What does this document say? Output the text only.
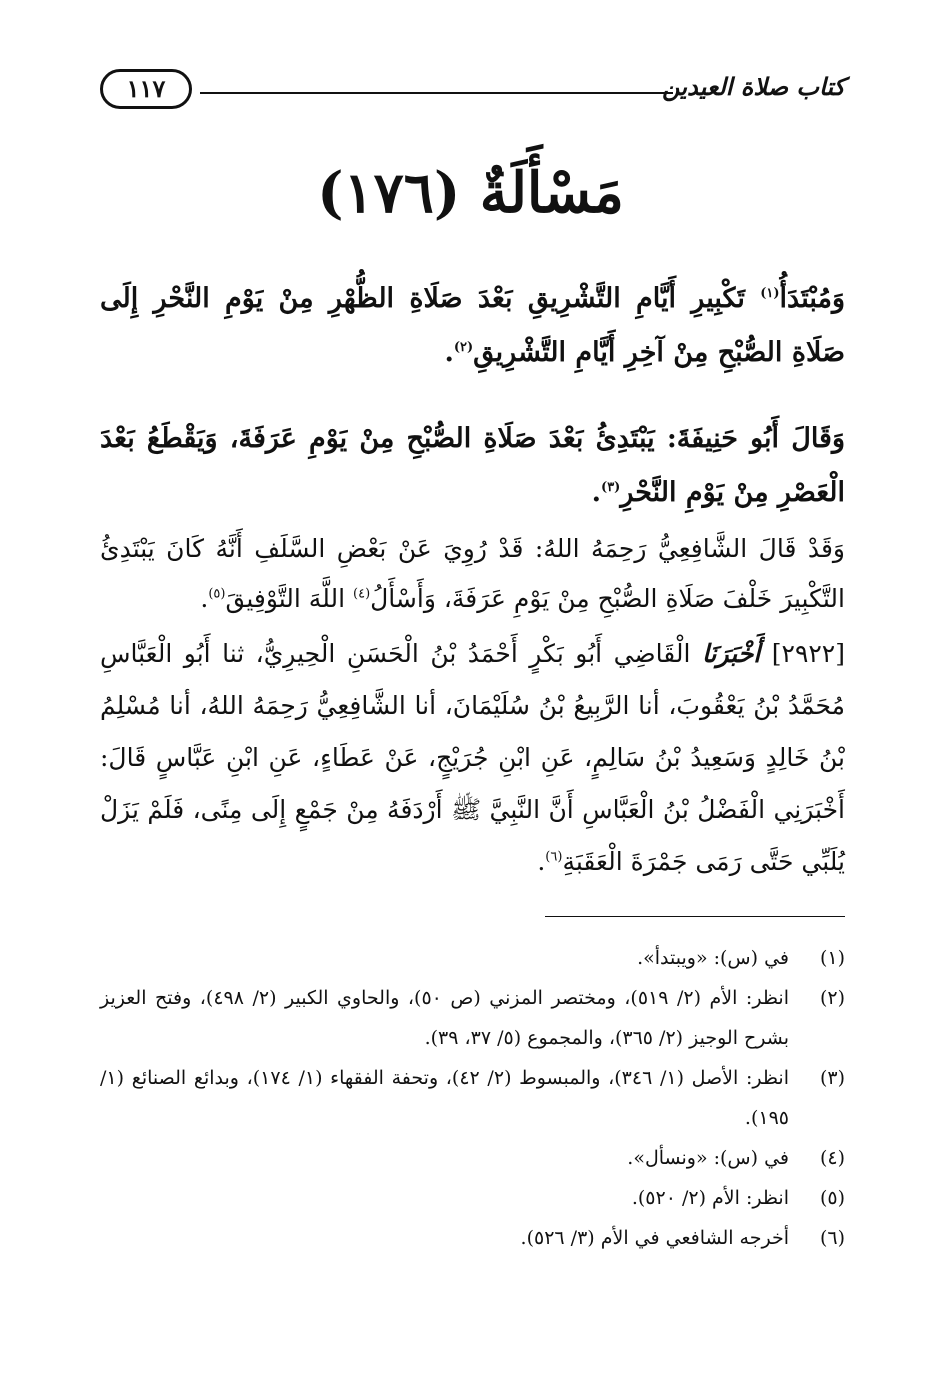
كتاب صلاة العيدين
١١٧
مَسْأَلَةٌ (١٧٦)

وَمُبْتَدَأُ$^{(١)}$ تَكْبِيرِ أَيَّامِ التَّشْرِيقِ بَعْدَ صَلَاةِ الظُّهْرِ مِنْ يَوْمِ النَّحْرِ إِلَى صَلَاةِ الصُّبْحِ مِنْ آخِرِ أَيَّامِ التَّشْرِيقِ$^{(٢)}$.

وَقَالَ أَبُو حَنِيفَةَ: يَبْتَدِئُ بَعْدَ صَلَاةِ الصُّبْحِ مِنْ يَوْمِ عَرَفَةَ، وَيَقْطَعُ بَعْدَ الْعَصْرِ مِنْ يَوْمِ النَّحْرِ$^{(٣)}$.

وَقَدْ قَالَ الشَّافِعِيُّ رَحِمَهُ اللهُ: قَدْ رُوِيَ عَنْ بَعْضِ السَّلَفِ أَنَّهُ كَانَ يَبْتَدِئُ التَّكْبِيرَ خَلْفَ صَلَاةِ الصُّبْحِ مِنْ يَوْمِ عَرَفَةَ، وَأَسْأَلُ$^{(٤)}$ اللَّهَ التَّوْفِيقَ$^{(٥)}$.

[٢٩٢٢] أَخْبَرَنَا الْقَاضِي أَبُو بَكْرٍ أَحْمَدُ بْنُ الْحَسَنِ الْحِيرِيُّ، ثنا أَبُو الْعَبَّاسِ مُحَمَّدُ بْنُ يَعْقُوبَ، أنا الرَّبِيعُ بْنُ سُلَيْمَانَ، أنا الشَّافِعِيُّ رَحِمَهُ اللهُ، أنا مُسْلِمُ بْنُ خَالِدٍ وَسَعِيدُ بْنُ سَالِمٍ، عَنِ ابْنِ جُرَيْجٍ، عَنْ عَطَاءٍ، عَنِ ابْنِ عَبَّاسٍ قَالَ: أَخْبَرَنِي الْفَضْلُ بْنُ الْعَبَّاسِ أَنَّ النَّبِيَّ ﷺ أَرْدَفَهُ مِنْ جَمْعٍ إِلَى مِنًى، فَلَمْ يَزَلْ يُلَبِّي حَتَّى رَمَى جَمْرَةَ الْعَقَبَةِ$^{(٦)}$.

(١)
في (س): «ويبتدأ».
(٢)
انظر: الأم (٢/ ٥١٩)، ومختصر المزني (ص ٥٠)، والحاوي الكبير (٢/ ٤٩٨)، وفتح العزيز بشرح الوجيز (٢/ ٣٦٥)، والمجموع (٥/ ٣٧، ٣٩).
(٣)
انظر: الأصل (١/ ٣٤٦)، والمبسوط (٢/ ٤٢)، وتحفة الفقهاء (١/ ١٧٤)، وبدائع الصنائع (١/ ١٩٥).
(٤)
في (س): «ونسأل».
(٥)
انظر: الأم (٢/ ٥٢٠).
(٦)
أخرجه الشافعي في الأم (٣/ ٥٢٦).
